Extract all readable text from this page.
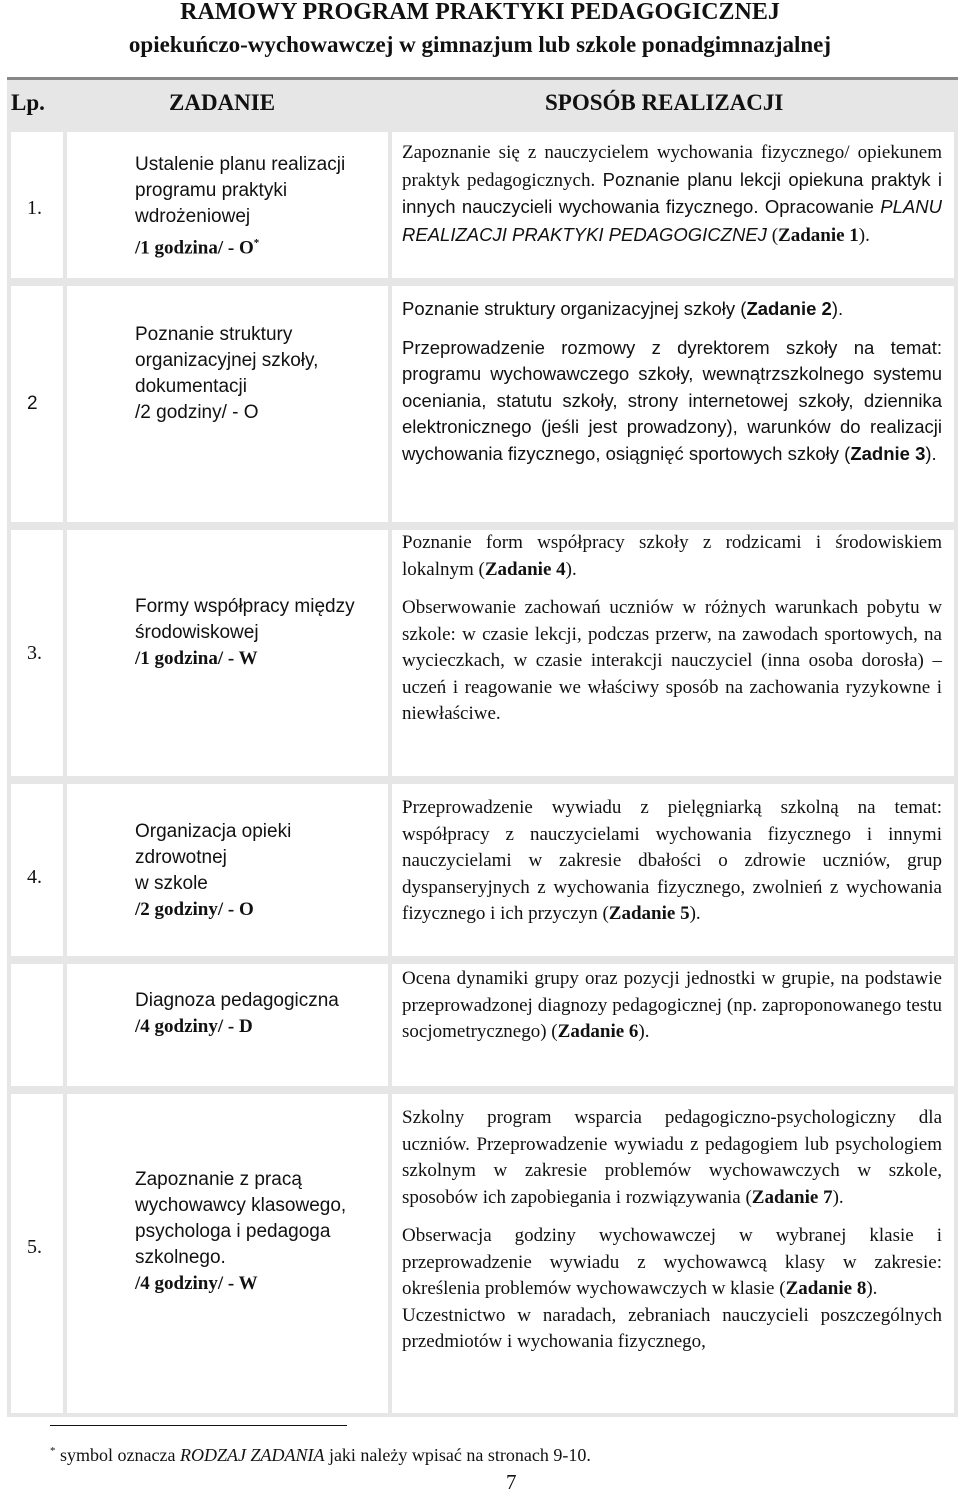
RAMOWY PROGRAM PRAKTYKI PEDAGOGICZNEJ
opiekuńczo-wychowawczej w gimnazjum lub szkole ponadgimnazjalnej
Lp.	ZADANIE	SPOSÓB REALIZACJI
1.
Ustalenie planu realizacji
programu praktyki
wdrożeniowej
/1 godzina/ - O*

Zapoznanie się z nauczycielem wychowania fizycznego/ opiekunem praktyk pedagogicznych. Poznanie planu lekcji opiekuna praktyk i innych nauczycieli wychowania fizycznego. Opracowanie PLANU REALIZACJI PRAKTYKI PEDAGOGICZNEJ (Zadanie 1).

2
Poznanie struktury
organizacyjnej szkoły,
dokumentacji
/2 godziny/ - O

Poznanie struktury organizacyjnej szkoły (Zadanie 2).

Przeprowadzenie rozmowy z dyrektorem szkoły na temat: programu wychowawczego szkoły, wewnątrzszkolnego systemu oceniania, statutu szkoły, strony internetowej szkoły, dziennika elektronicznego (jeśli jest prowadzony), warunków do realizacji wychowania fizycznego, osiągnięć sportowych szkoły (Zadnie 3).

3.
Formy współpracy między
środowiskowej
/1 godzina/ - W

Poznanie form współpracy szkoły z rodzicami i środowiskiem lokalnym (Zadanie 4).

Obserwowanie zachowań uczniów w różnych warunkach pobytu w szkole: w czasie lekcji, podczas przerw, na zawodach sportowych, na wycieczkach, w czasie interakcji nauczyciel (inna osoba dorosła) – uczeń i reagowanie we właściwy sposób na zachowania ryzykowne i niewłaściwe.

4.
Organizacja opieki zdrowotnej
w szkole
/2 godziny/ - O

Przeprowadzenie wywiadu z pielęgniarką szkolną na temat: współpracy z nauczycielami wychowania fizycznego i innymi nauczycielami w zakresie dbałości o zdrowie uczniów, grup dyspanseryjnych z wychowania fizycznego, zwolnień z wychowania fizycznego i ich przyczyn (Zadanie 5).

Diagnoza pedagogiczna
/4 godziny/ - D

Ocena dynamiki grupy oraz pozycji jednostki w grupie, na podstawie przeprowadzonej diagnozy pedagogicznej (np. zaproponowanego testu socjometrycznego) (Zadanie 6).

5.
Zapoznanie z pracą
wychowawcy klasowego,
psychologa i pedagoga
szkolnego.
/4 godziny/ - W

Szkolny program wsparcia pedagogiczno-psychologiczny dla uczniów. Przeprowadzenie wywiadu z pedagogiem lub psychologiem szkolnym w zakresie problemów wychowawczych w szkole, sposobów ich zapobiegania i rozwiązywania (Zadanie 7).

Obserwacja godziny wychowawczej w wybranej klasie i przeprowadzenie wywiadu z wychowawcą klasy w zakresie: określenia problemów wychowawczych w klasie (Zadanie 8).
Uczestnictwo w naradach, zebraniach nauczycieli poszczególnych przedmiotów i wychowania fizycznego,

* symbol oznacza RODZAJ ZADANIA jaki należy wpisać na stronach 9-10.
7
